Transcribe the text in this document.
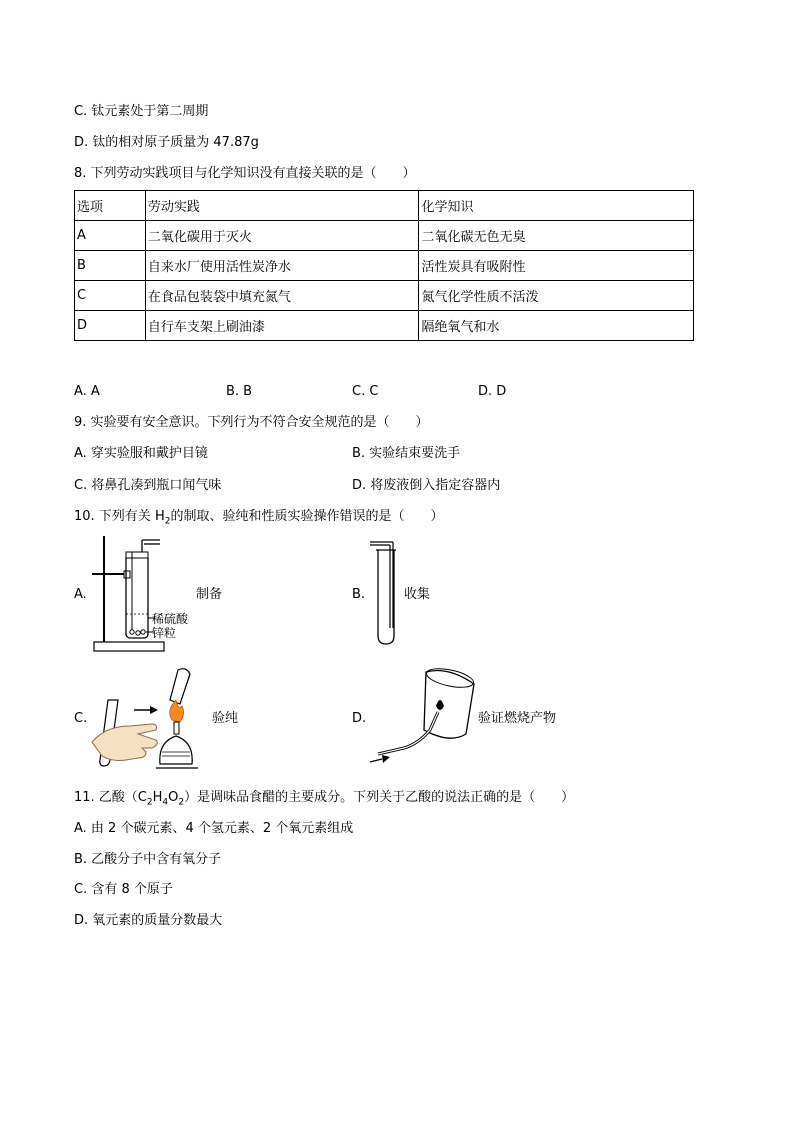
C. 钛元素处于第二周期
D. 钛的相对原子质量为 47.87g
8. 下列劳动实践项目与化学知识没有直接关联的是（　　）
选项	劳动实践	化学知识
A	二氧化碳用于灭火	二氧化碳无色无臭
B	自来水厂使用活性炭净水	活性炭具有吸附性
C	在食品包装袋中填充氮气	氮气化学性质不活泼
D	自行车支架上刷油漆	隔绝氧气和水
A. A	B. B	C. C	D. D
9. 实验要有安全意识。下列行为不符合安全规范的是（　　）
A. 穿实验服和戴护目镜	B. 实验结束要洗手
C. 将鼻孔凑到瓶口闻气味	D. 将废液倒入指定容器内
10. 下列有关 $H_2$的制取、验纯和性质实验操作错误的是（　　）
A.
稀硫酸
锌粒
制备	B.	收集
C.	验纯	D.	验证燃烧产物
11. 乙酸$(C_2H_4O_2)$是调味品食醋的主要成分。下列关于乙酸的说法正确的是（　　）
A. 由 2 个碳元素、4 个氢元素、2 个氧元素组成
B. 乙酸分子中含有氧分子
C. 含有 8 个原子
D. 氧元素的质量分数最大
